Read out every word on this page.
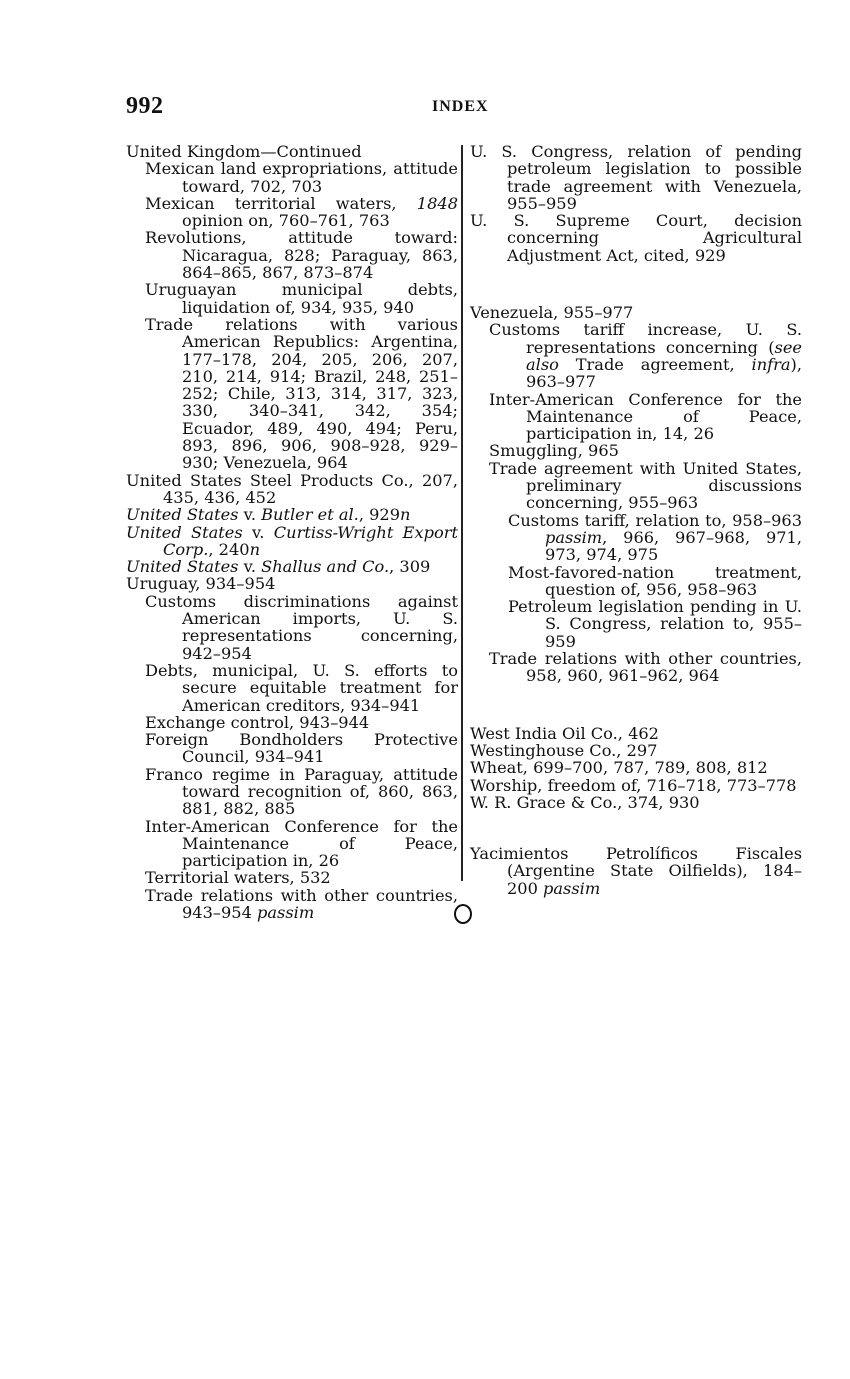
992	INDEX

United Kingdom—Continued

Mexican land expropriations, attitude toward, 702, 703

Mexican territorial waters, 1848 opinion on, 760–761, 763

Revolutions, attitude toward: Nicaragua, 828; Paraguay, 863, 864–865, 867, 873–874

Uruguayan municipal debts, liquidation of, 934, 935, 940

Trade relations with various American Republics: Argentina, 177–178, 204, 205, 206, 207, 210, 214, 914; Brazil, 248, 251–252; Chile, 313, 314, 317, 323, 330, 340–341, 342, 354; Ecuador, 489, 490, 494; Peru, 893, 896, 906, 908–928, 929–930; Venezuela, 964

United States Steel Products Co., 207, 435, 436, 452

United States v. Butler et al., 929n

United States v. Curtiss-Wright Export Corp., 240n

United States v. Shallus and Co., 309

Uruguay, 934–954

Customs discriminations against American imports, U. S. representations concerning, 942–954

Debts, municipal, U. S. efforts to secure equitable treatment for American creditors, 934–941

Exchange control, 943–944

Foreign Bondholders Protective Council, 934–941

Franco regime in Paraguay, attitude toward recognition of, 860, 863, 881, 882, 885

Inter-American Conference for the Maintenance of Peace, participation in, 26

Territorial waters, 532

Trade relations with other countries, 943–954 passim

U. S. Congress, relation of pending petroleum legislation to possible trade agreement with Venezuela, 955–959

U. S. Supreme Court, decision concerning Agricultural Adjustment Act, cited, 929

Venezuela, 955–977

Customs tariff increase, U. S. representations concerning (see also Trade agreement, infra), 963–977

Inter-American Conference for the Maintenance of Peace, participation in, 14, 26

Smuggling, 965

Trade agreement with United States, preliminary discussions concerning, 955–963

Customs tariff, relation to, 958–963 passim, 966, 967–968, 971, 973, 974, 975

Most-favored-nation treatment, question of, 956, 958–963

Petroleum legislation pending in U. S. Congress, relation to, 955–959

Trade relations with other countries, 958, 960, 961–962, 964

West India Oil Co., 462

Westinghouse Co., 297

Wheat, 699–700, 787, 789, 808, 812

Worship, freedom of, 716–718, 773–778

W. R. Grace & Co., 374, 930

Yacimientos Petrolíficos Fiscales (Argentine State Oilfields), 184–200 passim
